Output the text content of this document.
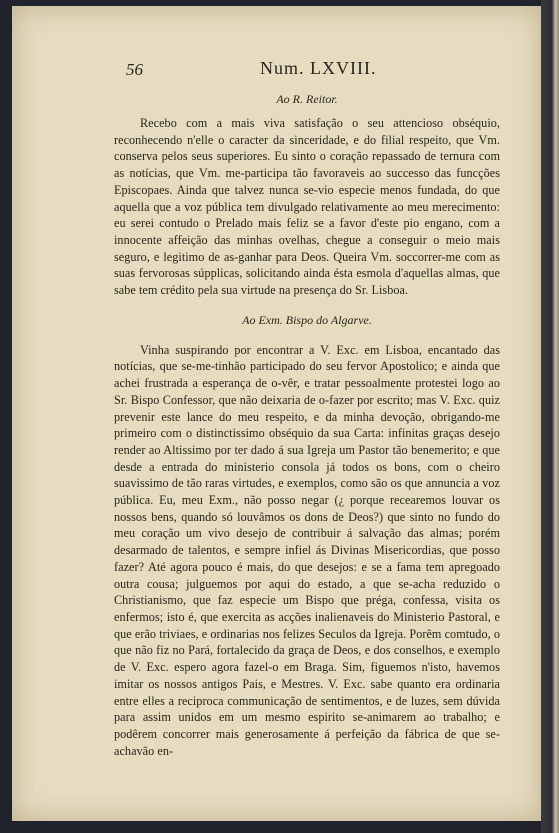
56	Num. LXVIII.
Ao R. Reitor.

Recebo com a mais viva satisfação o seu attencioso obséquio, reconhecendo n'elle o caracter da sinceridade, e do filial respeito, que Vm. conserva pelos seus superiores. Eu sinto o coração repassado de ternura com as notícias, que Vm. me-participa tão favoraveis ao successo das funcções Episcopaes. Ainda que talvez nunca se-vio especie menos fundada, do que aquella que a voz pública tem divulgado relativamente ao meu merecimento: eu serei contudo o Prelado mais feliz se a favor d'este pio engano, com a innocente affeição das minhas ovelhas, chegue a conseguir o meio mais seguro, e legitimo de as-ganhar para Deos. Queira Vm. soccorrer-me com as suas fervorosas súpplicas, solicitando ainda ésta esmola d'aquellas almas, que sabe tem crédito pela sua virtude na presença do Sr. Lisboa.

Ao Exm. Bispo do Algarve.

Vinha suspirando por encontrar a V. Exc. em Lisboa, encantado das notícias, que se-me-tinhão participado do seu fervor Apostolico; e ainda que achei frustrada a esperança de o-vêr, e tratar pessoalmente protestei logo ao Sr. Bispo Confessor, que não deixaria de o-fazer por escrito; mas V. Exc. quiz prevenir este lance do meu respeito, e da minha devoção, obrigando-me primeiro com o distinctissimo obséquio da sua Carta: infinitas graças desejo render ao Altissimo por ter dado á sua Igreja um Pastor tão benemerito; e que desde a entrada do ministerio consola já todos os bons, com o cheiro suavissimo de tão raras virtudes, e exemplos, como são os que annuncia a voz pública. Eu, meu Exm., não posso negar (¿ porque recearemos louvar os nossos bens, quando só louvâmos os dons de Deos?) que sinto no fundo do meu coração um vivo desejo de contribuir á salvação das almas; porém desarmado de talentos, e sempre infiel ás Divinas Misericordias, que posso fazer? Até agora pouco é mais, do que desejos: e se a fama tem apregoado outra cousa; julguemos por aqui do estado, a que se-acha reduzido o Christianismo, que faz especie um Bispo que préga, confessa, visita os enfermos; isto é, que exercita as acções inalienaveis do Ministerio Pastoral, e que erão triviaes, e ordinarias nos felizes Seculos da Igreja. Porêm comtudo, o que não fiz no Pará, fortalecido da graça de Deos, e dos conselhos, e exemplo de V. Exc. espero agora fazel-o em Braga. Sim, figuemos n'isto, havemos imitar os nossos antigos Pais, e Mestres. V. Exc. sabe quanto era ordinaria entre elles a reciproca communicação de sentimentos, e de luzes, sem dúvida para assim unidos em um mesmo espirito se-animarem ao trabalho; e podêrem concorrer mais generosamente á perfeição da fábrica de que se-achavão en-
